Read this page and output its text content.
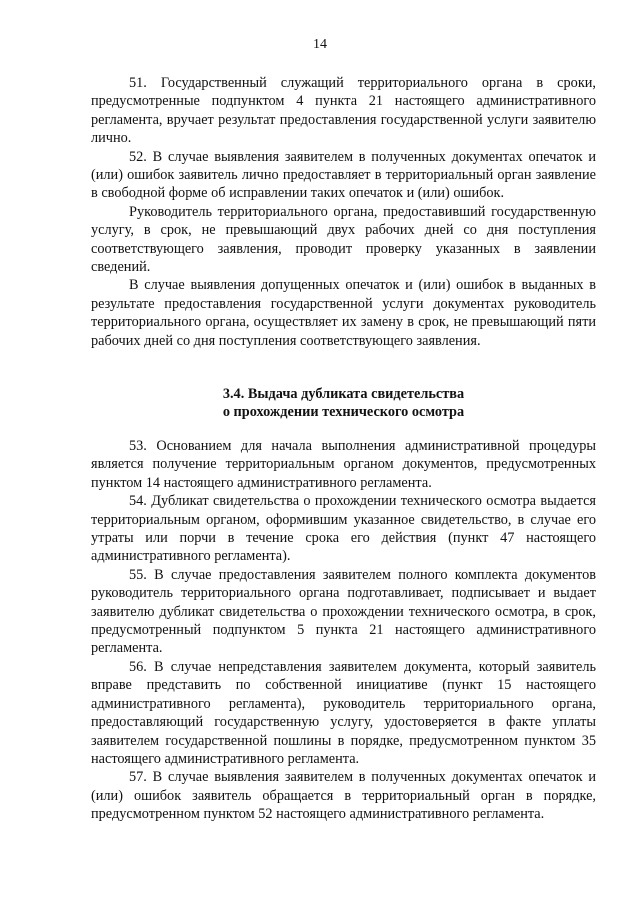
14

51. Государственный служащий территориального органа в сроки, предусмотренные подпунктом 4 пункта 21 настоящего административного регламента, вручает результат предоставления государственной услуги заявителю лично.

52. В случае выявления заявителем в полученных документах опечаток и (или) ошибок заявитель лично предоставляет в территориальный орган заявление в свободной форме об исправлении таких опечаток и (или) ошибок.

Руководитель территориального органа, предоставивший государственную услугу, в срок, не превышающий двух рабочих дней со дня поступления соответствующего заявления, проводит проверку указанных в заявлении сведений.

В случае выявления допущенных опечаток и (или) ошибок в выданных в результате предоставления государственной услуги документах руководитель территориального органа, осуществляет их замену в срок, не превышающий пяти рабочих дней со дня поступления соответствующего заявления.

3.4. Выдача дубликата свидетельства
о прохождении технического осмотра

53. Основанием для начала выполнения административной процедуры является получение территориальным органом документов, предусмотренных пунктом 14 настоящего административного регламента.

54. Дубликат свидетельства о прохождении технического осмотра выдается территориальным органом, оформившим указанное свидетельство, в случае его утраты или порчи в течение срока его действия (пункт 47 настоящего административного регламента).

55. В случае предоставления заявителем полного комплекта документов руководитель территориального органа подготавливает, подписывает и выдает заявителю дубликат свидетельства о прохождении технического осмотра, в срок, предусмотренный подпунктом 5 пункта 21 настоящего административного регламента.

56. В случае непредставления заявителем документа, который заявитель вправе представить по собственной инициативе (пункт 15 настоящего административного регламента), руководитель территориального органа, предоставляющий государственную услугу, удостоверяется в факте уплаты заявителем государственной пошлины в порядке, предусмотренном пунктом 35 настоящего административного регламента.

57. В случае выявления заявителем в полученных документах опечаток и (или) ошибок заявитель обращается в территориальный орган в порядке, предусмотренном пунктом 52 настоящего административного регламента.
